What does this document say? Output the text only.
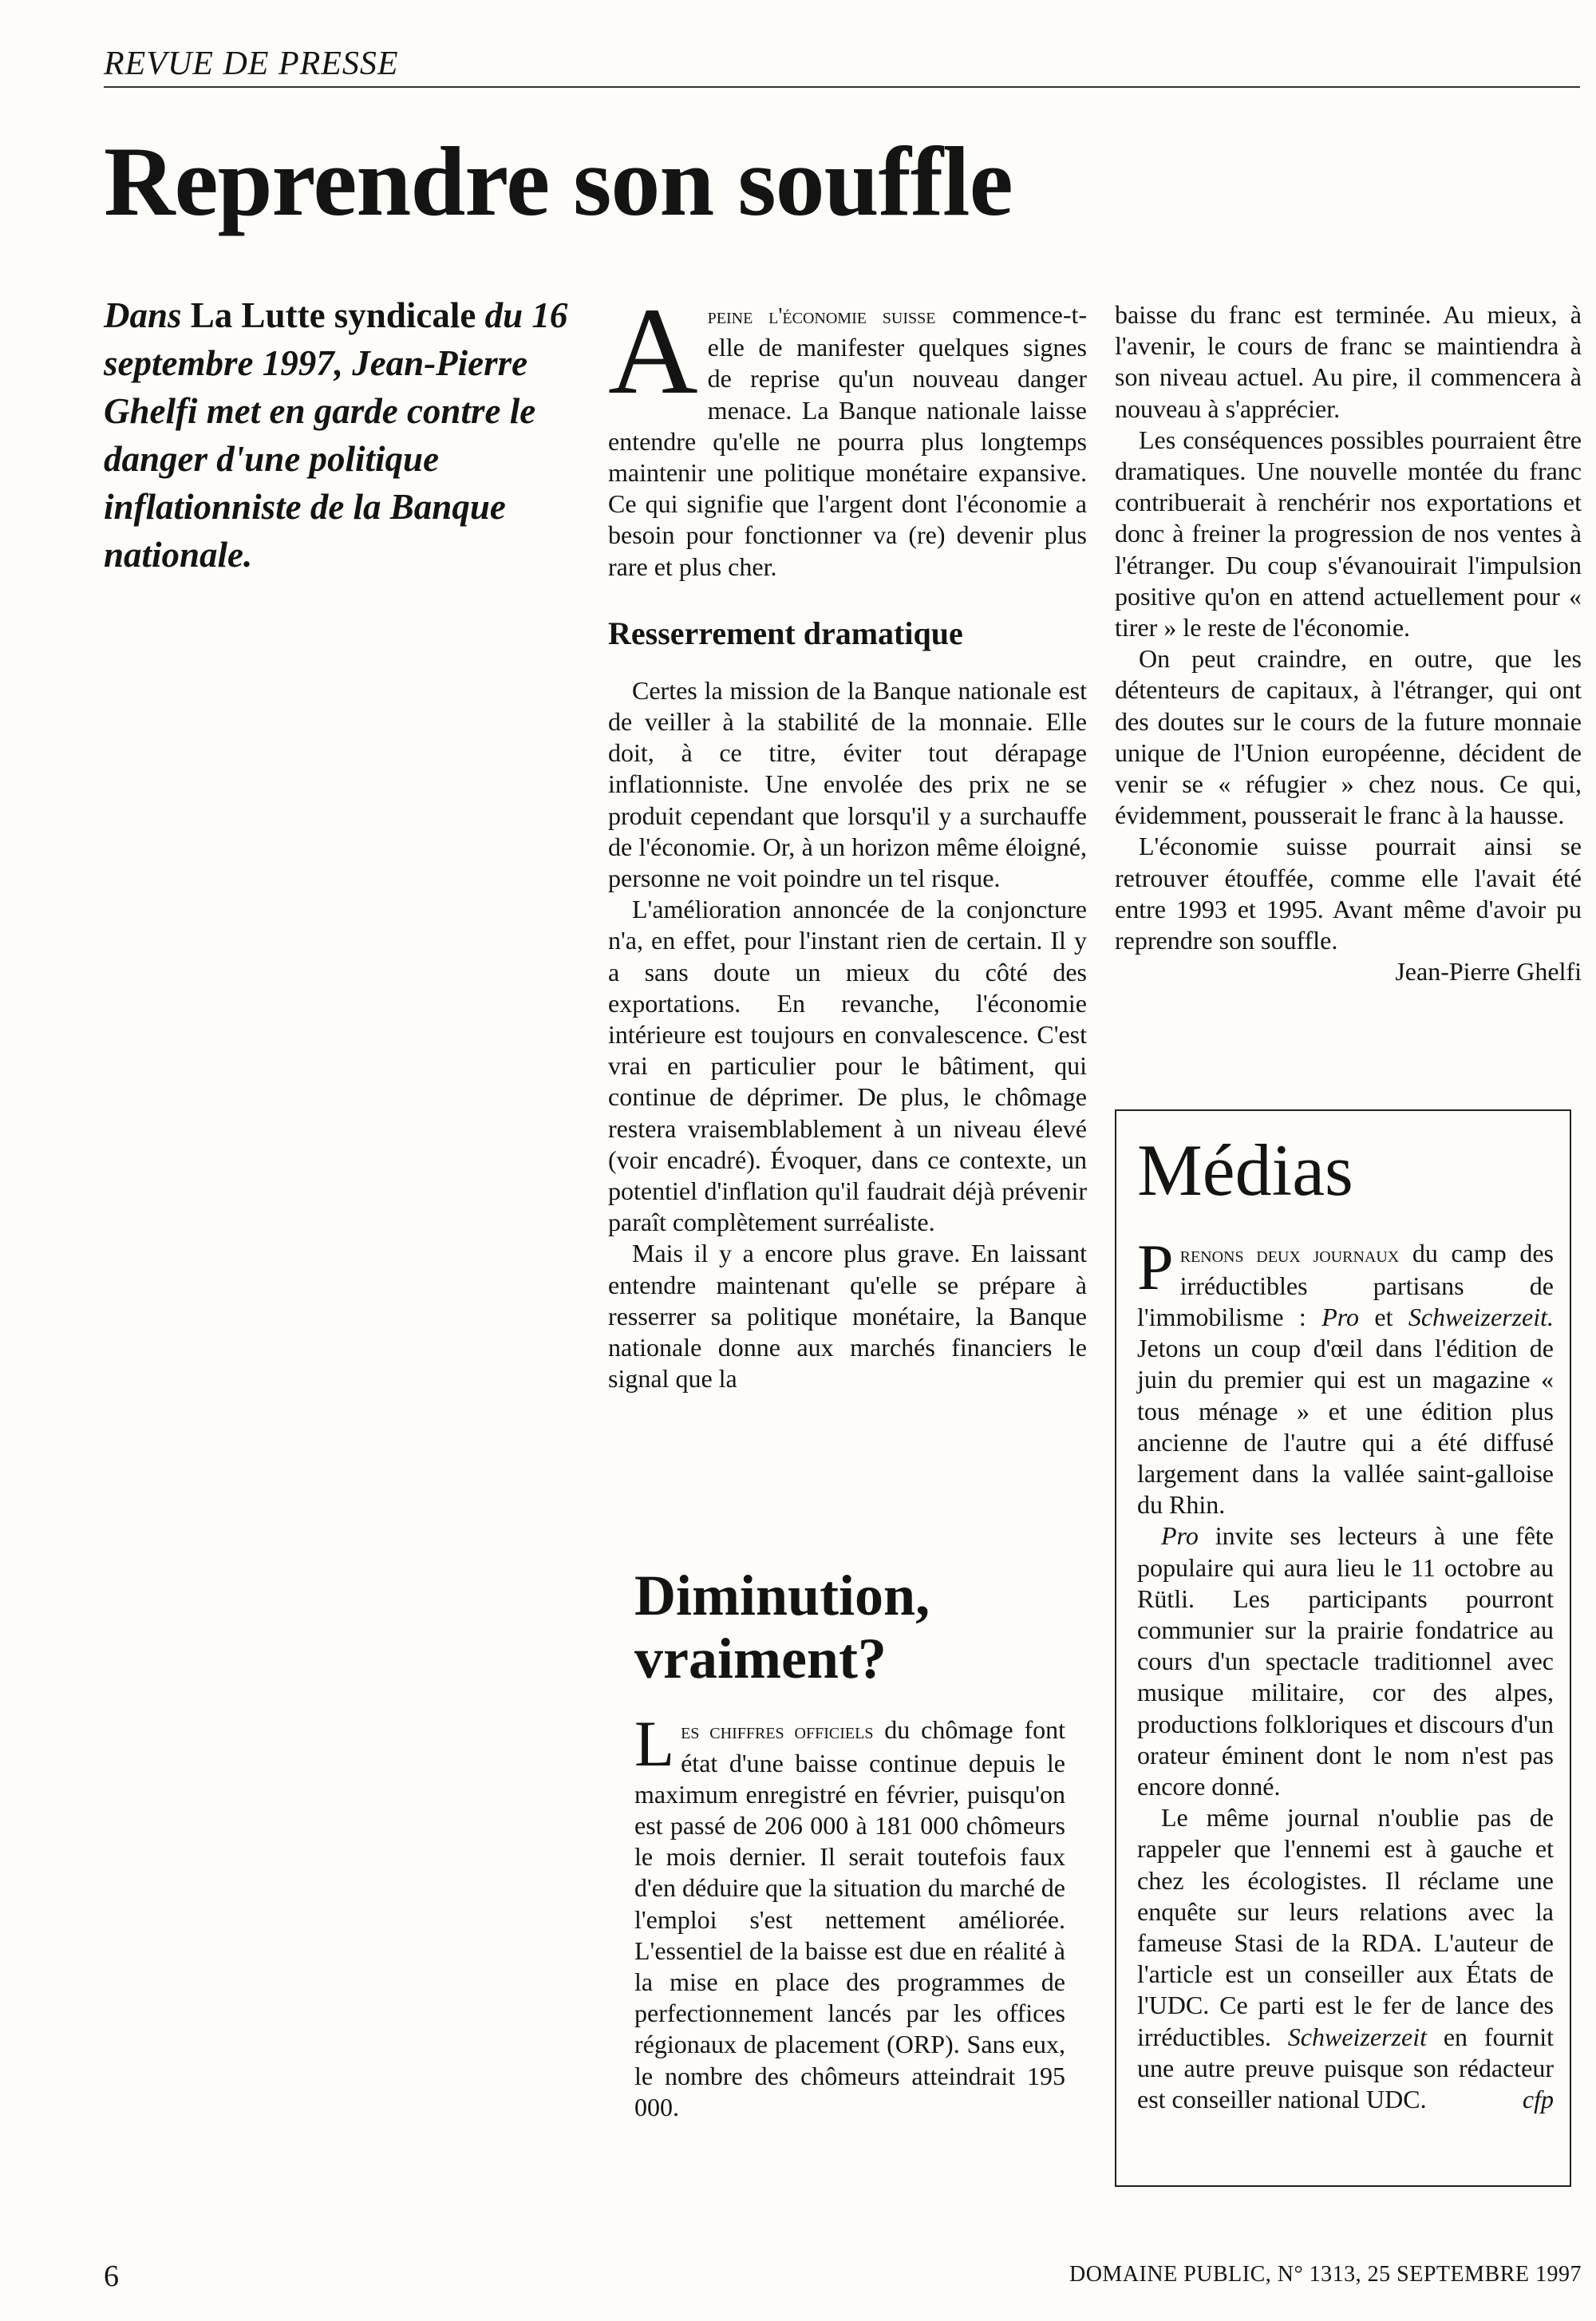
REVUE DE PRESSE
Reprendre son souffle
Dans La Lutte syndicale du 16 septembre 1997, Jean-Pierre Ghelfi met en garde contre le danger d'une politique inflationniste de la Banque nationale.

Apeine l'économie suisse commence-t-elle de manifester quelques signes de reprise qu'un nouveau danger menace. La Banque nationale laisse entendre qu'elle ne pourra plus longtemps maintenir une politique monétaire expansive. Ce qui signifie que l'argent dont l'économie a besoin pour fonctionner va (re) devenir plus rare et plus cher.

Resserrement dramatique

Certes la mission de la Banque nationale est de veiller à la stabilité de la monnaie. Elle doit, à ce titre, éviter tout dérapage inflationniste. Une envolée des prix ne se produit cependant que lorsqu'il y a surchauffe de l'économie. Or, à un horizon même éloigné, personne ne voit poindre un tel risque.

L'amélioration annoncée de la conjoncture n'a, en effet, pour l'instant rien de certain. Il y a sans doute un mieux du côté des exportations. En revanche, l'économie intérieure est toujours en convalescence. C'est vrai en particulier pour le bâtiment, qui continue de déprimer. De plus, le chômage restera vraisemblablement à un niveau élevé (voir encadré). Évoquer, dans ce contexte, un potentiel d'inflation qu'il faudrait déjà prévenir paraît complètement surréaliste.

Mais il y a encore plus grave. En laissant entendre maintenant qu'elle se prépare à resserrer sa politique monétaire, la Banque nationale donne aux marchés financiers le signal que la

baisse du franc est terminée. Au mieux, à l'avenir, le cours de franc se maintiendra à son niveau actuel. Au pire, il commencera à nouveau à s'apprécier.

Les conséquences possibles pourraient être dramatiques. Une nouvelle montée du franc contribuerait à renchérir nos exportations et donc à freiner la progression de nos ventes à l'étranger. Du coup s'évanouirait l'impulsion positive qu'on en attend actuellement pour « tirer » le reste de l'économie.

On peut craindre, en outre, que les détenteurs de capitaux, à l'étranger, qui ont des doutes sur le cours de la future monnaie unique de l'Union européenne, décident de venir se « réfugier » chez nous. Ce qui, évidemment, pousserait le franc à la hausse.

L'économie suisse pourrait ainsi se retrouver étouffée, comme elle l'avait été entre 1993 et 1995. Avant même d'avoir pu reprendre son souffle.

Jean-Pierre Ghelfi

Diminution, vraiment?

Les chiffres officiels du chômage font état d'une baisse continue depuis le maximum enregistré en février, puisqu'on est passé de 206 000 à 181 000 chômeurs le mois dernier. Il serait toutefois faux d'en déduire que la situation du marché de l'emploi s'est nettement améliorée. L'essentiel de la baisse est due en réalité à la mise en place des programmes de perfectionnement lancés par les offices régionaux de placement (ORP). Sans eux, le nombre des chômeurs atteindrait 195 000.

Médias

Prenons deux journaux du camp des irréductibles partisans de l'immobilisme : Pro et Schweizerzeit. Jetons un coup d'œil dans l'édition de juin du premier qui est un magazine « tous ménage » et une édition plus ancienne de l'autre qui a été diffusé largement dans la vallée saint-galloise du Rhin.

Pro invite ses lecteurs à une fête populaire qui aura lieu le 11 octobre au Rütli. Les participants pourront communier sur la prairie fondatrice au cours d'un spectacle traditionnel avec musique militaire, cor des alpes, productions folkloriques et discours d'un orateur éminent dont le nom n'est pas encore donné.

Le même journal n'oublie pas de rappeler que l'ennemi est à gauche et chez les écologistes. Il réclame une enquête sur leurs relations avec la fameuse Stasi de la RDA. L'auteur de l'article est un conseiller aux États de l'UDC. Ce parti est le fer de lance des irréductibles. Schweizerzeit en fournit une autre preuve puisque son rédacteur est conseiller national UDC.	cfp

6	DOMAINE PUBLIC, N° 1313, 25 SEPTEMBRE 1997
